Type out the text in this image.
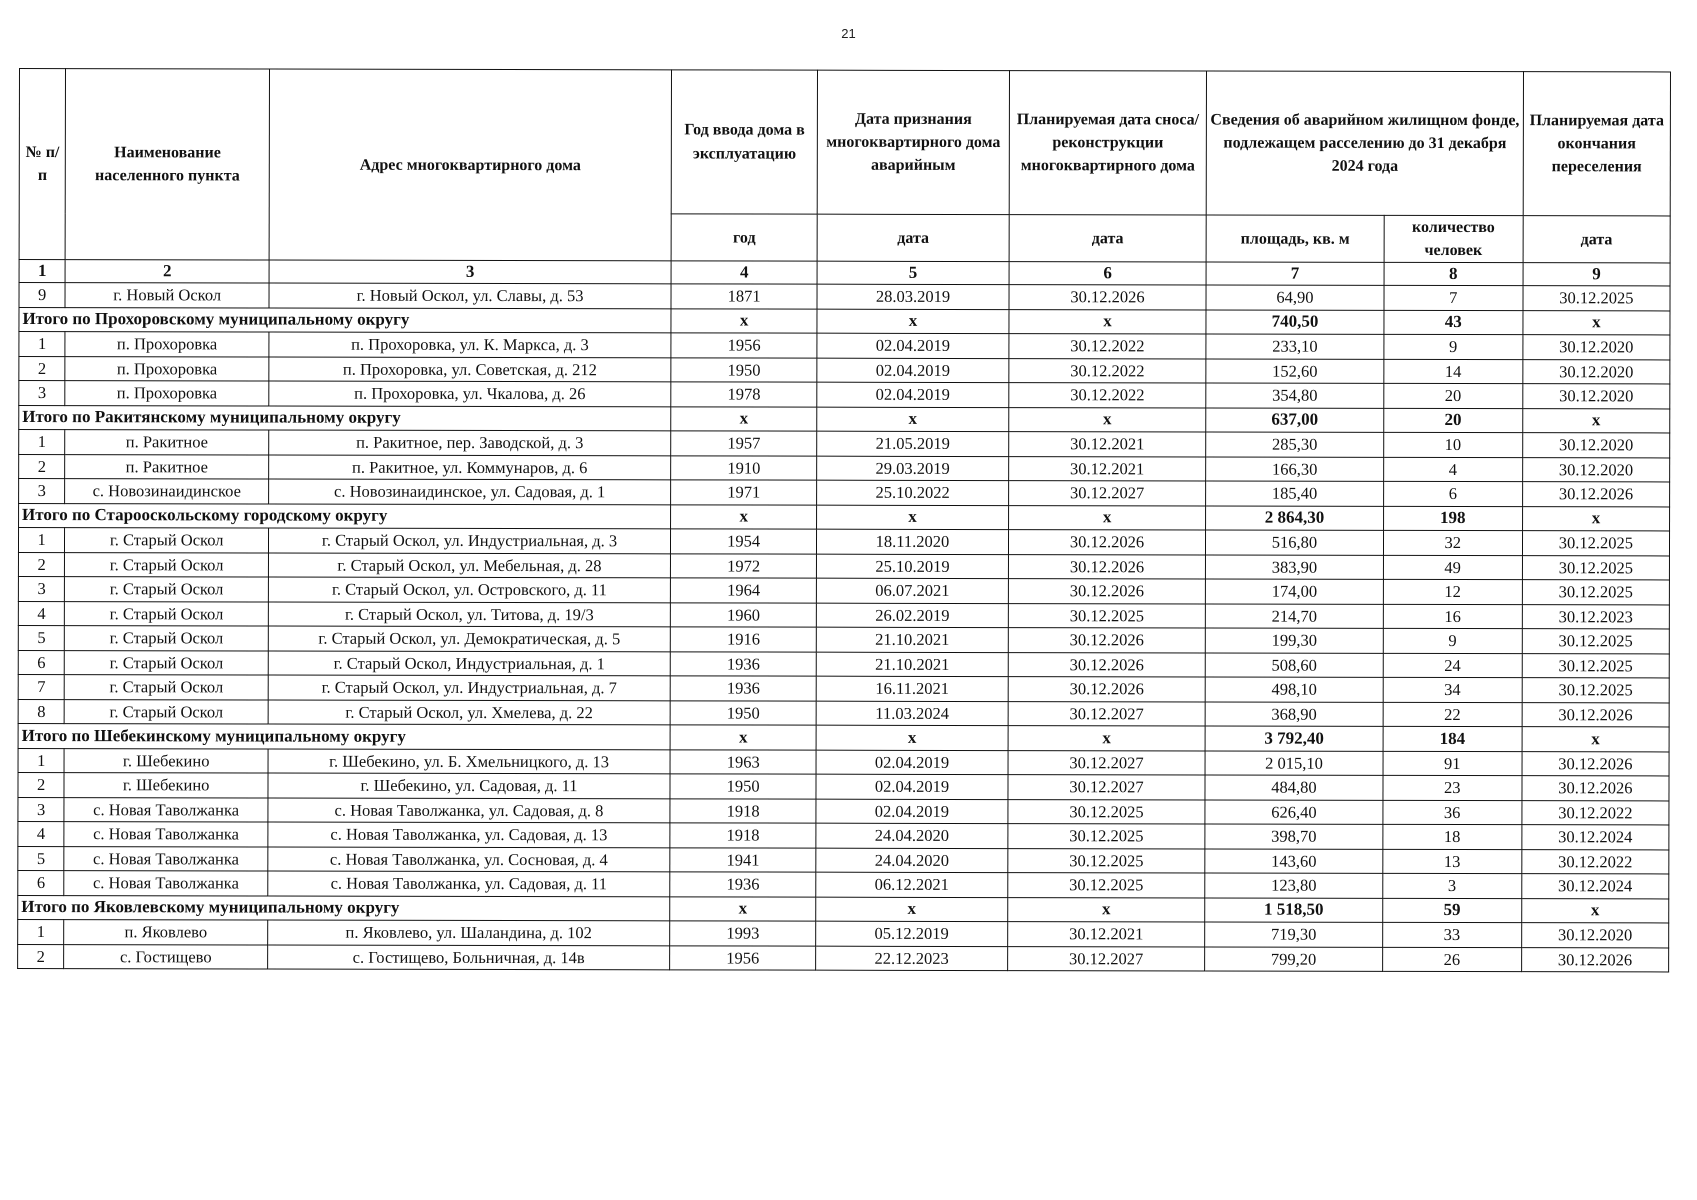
21
№ п/п	Наименование населенного пункта	Адрес многоквартирного дома	Год ввода дома в эксплуатацию	Дата признания многоквартирного дома аварийным	Планируемая дата сноса/ реконструкции многоквартирного дома	Сведения об аварийном жилищном фонде, подлежащем расселению до 31 декабря 2024 года		Планируемая дата окончания переселения
			год	дата	дата	площадь, кв. м	количество человек	дата
1	2	3	4	5	6	7	8	9
9	г. Новый Оскол	г. Новый Оскол, ул. Славы, д. 53	1871	28.03.2019	30.12.2026	64,90	7	30.12.2025
Итого по Прохоровскому муниципальному округу			x	x	x	740,50	43	x
1	п. Прохоровка	п. Прохоровка, ул. К. Маркса, д. 3	1956	02.04.2019	30.12.2022	233,10	9	30.12.2020
2	п. Прохоровка	п. Прохоровка, ул. Советская, д. 212	1950	02.04.2019	30.12.2022	152,60	14	30.12.2020
3	п. Прохоровка	п. Прохоровка, ул. Чкалова, д. 26	1978	02.04.2019	30.12.2022	354,80	20	30.12.2020
Итого по Ракитянскому муниципальному округу			x	x	x	637,00	20	x
1	п. Ракитное	п. Ракитное, пер. Заводской, д. 3	1957	21.05.2019	30.12.2021	285,30	10	30.12.2020
2	п. Ракитное	п. Ракитное, ул. Коммунаров, д. 6	1910	29.03.2019	30.12.2021	166,30	4	30.12.2020
3	с. Новозинаидинское	с. Новозинаидинское, ул. Садовая, д. 1	1971	25.10.2022	30.12.2027	185,40	6	30.12.2026
Итого по Старооскольскому городскому округу			x	x	x	2 864,30	198	x
1	г. Старый Оскол	г. Старый Оскол, ул. Индустриальная, д. 3	1954	18.11.2020	30.12.2026	516,80	32	30.12.2025
2	г. Старый Оскол	г. Старый Оскол, ул. Мебельная, д. 28	1972	25.10.2019	30.12.2026	383,90	49	30.12.2025
3	г. Старый Оскол	г. Старый Оскол, ул. Островского, д. 11	1964	06.07.2021	30.12.2026	174,00	12	30.12.2025
4	г. Старый Оскол	г. Старый Оскол, ул. Титова, д. 19/3	1960	26.02.2019	30.12.2025	214,70	16	30.12.2023
5	г. Старый Оскол	г. Старый Оскол, ул. Демократическая, д. 5	1916	21.10.2021	30.12.2026	199,30	9	30.12.2025
6	г. Старый Оскол	г. Старый Оскол, Индустриальная, д. 1	1936	21.10.2021	30.12.2026	508,60	24	30.12.2025
7	г. Старый Оскол	г. Старый Оскол, ул. Индустриальная, д. 7	1936	16.11.2021	30.12.2026	498,10	34	30.12.2025
8	г. Старый Оскол	г. Старый Оскол, ул. Хмелева, д. 22	1950	11.03.2024	30.12.2027	368,90	22	30.12.2026
Итого по Шебекинскому муниципальному округу			x	x	x	3 792,40	184	x
1	г. Шебекино	г. Шебекино, ул. Б. Хмельницкого, д. 13	1963	02.04.2019	30.12.2027	2 015,10	91	30.12.2026
2	г. Шебекино	г. Шебекино, ул. Садовая, д. 11	1950	02.04.2019	30.12.2027	484,80	23	30.12.2026
3	с. Новая Таволжанка	с. Новая Таволжанка, ул. Садовая, д. 8	1918	02.04.2019	30.12.2025	626,40	36	30.12.2022
4	с. Новая Таволжанка	с. Новая Таволжанка, ул. Садовая, д. 13	1918	24.04.2020	30.12.2025	398,70	18	30.12.2024
5	с. Новая Таволжанка	с. Новая Таволжанка, ул. Сосновая, д. 4	1941	24.04.2020	30.12.2025	143,60	13	30.12.2022
6	с. Новая Таволжанка	с. Новая Таволжанка, ул. Садовая, д. 11	1936	06.12.2021	30.12.2025	123,80	3	30.12.2024
Итого по Яковлевскому муниципальному округу			x	x	x	1 518,50	59	x
1	п. Яковлево	п. Яковлево, ул. Шаландина, д. 102	1993	05.12.2019	30.12.2021	719,30	33	30.12.2020
2	с. Гостищево	с. Гостищево, Больничная, д. 14в	1956	22.12.2023	30.12.2027	799,20	26	30.12.2026
